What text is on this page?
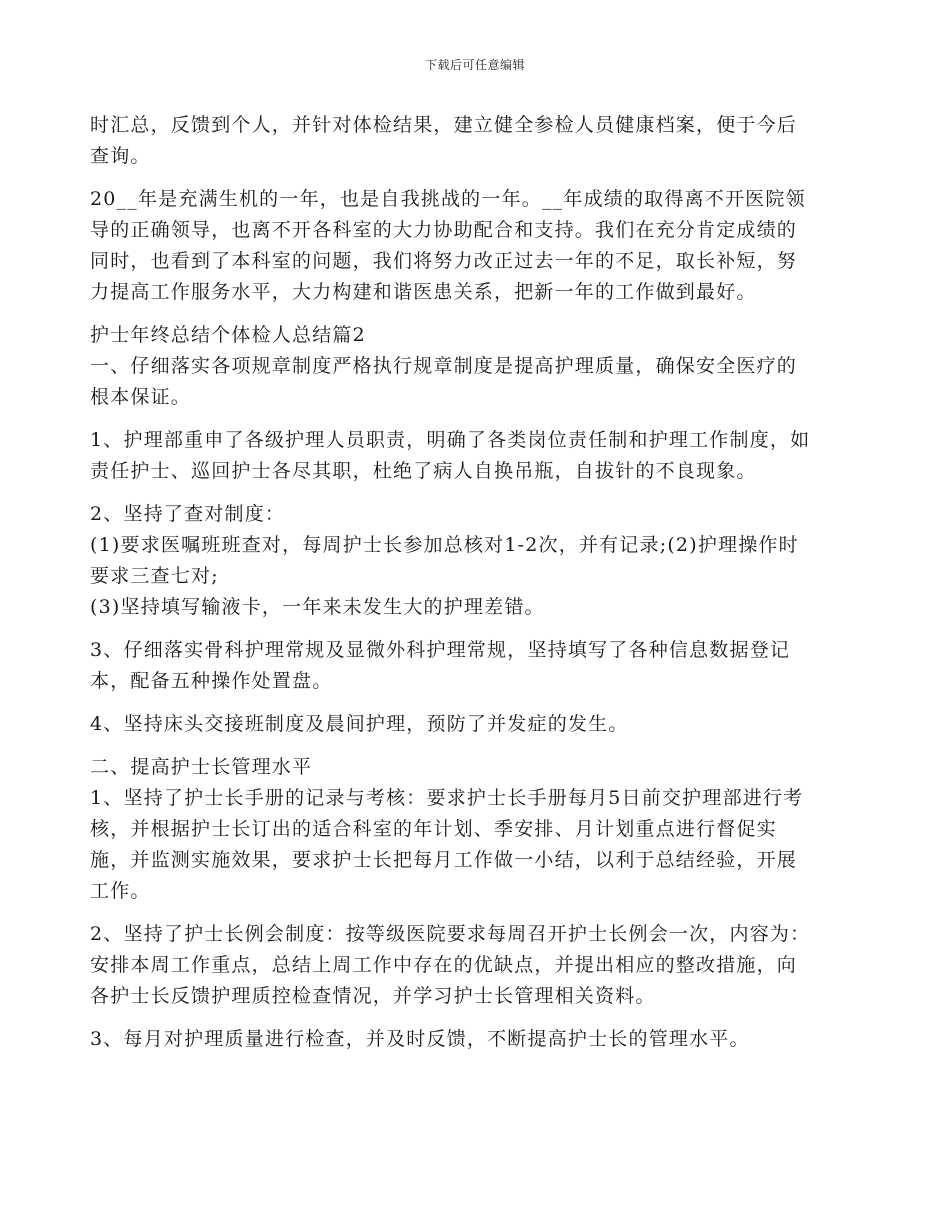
下载后可任意编辑

时汇总，反馈到个人，并针对体检结果，建立健全参检人员健康档案，便于今后
查询。

20__年是充满生机的一年，也是自我挑战的一年。__年成绩的取得离不开医院领
导的正确领导，也离不开各科室的大力协助配合和支持。我们在充分肯定成绩的
同时，也看到了本科室的问题，我们将努力改正过去一年的不足，取长补短，努
力提高工作服务水平，大力构建和谐医患关系，把新一年的工作做到最好。

护士年终总结个体检人总结篇2

一、仔细落实各项规章制度严格执行规章制度是提高护理质量，确保安全医疗的
根本保证。

1、护理部重申了各级护理人员职责，明确了各类岗位责任制和护理工作制度，如
责任护士、巡回护士各尽其职，杜绝了病人自换吊瓶，自拔针的不良现象。

2、坚持了查对制度：
(1)要求医嘱班班查对，每周护士长参加总核对1-2次，并有记录;(2)护理操作时
要求三查七对;
(3)坚持填写输液卡，一年来未发生大的护理差错。

3、仔细落实骨科护理常规及显微外科护理常规，坚持填写了各种信息数据登记
本，配备五种操作处置盘。

4、坚持床头交接班制度及晨间护理，预防了并发症的发生。

二、提高护士长管理水平

1、坚持了护士长手册的记录与考核：要求护士长手册每月5日前交护理部进行考
核，并根据护士长订出的适合科室的年计划、季安排、月计划重点进行督促实
施，并监测实施效果，要求护士长把每月工作做一小结，以利于总结经验，开展
工作。

2、坚持了护士长例会制度：按等级医院要求每周召开护士长例会一次，内容为：
安排本周工作重点，总结上周工作中存在的优缺点，并提出相应的整改措施，向
各护士长反馈护理质控检查情况，并学习护士长管理相关资料。

3、每月对护理质量进行检查，并及时反馈，不断提高护士长的管理水平。
